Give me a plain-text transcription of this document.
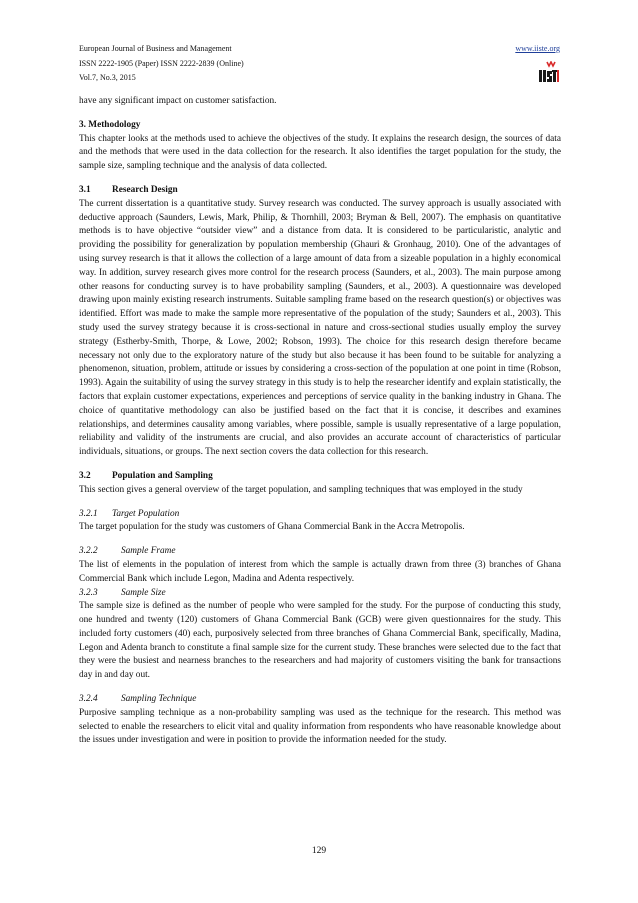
European Journal of Business and Management
ISSN 2222-1905 (Paper) ISSN 2222-2839 (Online)
Vol.7, No.3, 2015
www.iiste.org

have any significant impact on customer satisfaction.

3. Methodology

This chapter looks at the methods used to achieve the objectives of the study. It explains the research design, the sources of data and the methods that were used in the data collection for the research. It also identifies the target population for the study, the sample size, sampling technique and the analysis of data collected.

3.1 Research Design

The current dissertation is a quantitative study. Survey research was conducted. The survey approach is usually associated with deductive approach (Saunders, Lewis, Mark, Philip, & Thornhill, 2003; Bryman & Bell, 2007). The emphasis on quantitative methods is to have objective “outsider view” and a distance from data. It is considered to be particularistic, analytic and providing the possibility for generalization by population membership (Ghauri & Gronhaug, 2010). One of the advantages of using survey research is that it allows the collection of a large amount of data from a sizeable population in a highly economical way. In addition, survey research gives more control for the research process (Saunders, et al., 2003). The main purpose among other reasons for conducting survey is to have probability sampling (Saunders, et al., 2003). A questionnaire was developed drawing upon mainly existing research instruments. Suitable sampling frame based on the research question(s) or objectives was identified. Effort was made to make the sample more representative of the population of the study; Saunders et al., 2003). This study used the survey strategy because it is cross-sectional in nature and cross-sectional studies usually employ the survey strategy (Estherby-Smith, Thorpe, & Lowe, 2002; Robson, 1993). The choice for this research design therefore became necessary not only due to the exploratory nature of the study but also because it has been found to be suitable for analyzing a phenomenon, situation, problem, attitude or issues by considering a cross-section of the population at one point in time (Robson, 1993). Again the suitability of using the survey strategy in this study is to help the researcher identify and explain statistically, the factors that explain customer expectations, experiences and perceptions of service quality in the banking industry in Ghana. The choice of quantitative methodology can also be justified based on the fact that it is concise, it describes and examines relationships, and determines causality among variables, where possible, sample is usually representative of a large population, reliability and validity of the instruments are crucial, and also provides an accurate account of characteristics of particular individuals, situations, or groups. The next section covers the data collection for this research.

3.2 Population and Sampling

This section gives a general overview of the target population, and sampling techniques that was employed in the study

3.2.1 Target Population

The target population for the study was customers of Ghana Commercial Bank in the Accra Metropolis.

3.2.2	Sample Frame

The list of elements in the population of interest from which the sample is actually drawn from three (3) branches of Ghana Commercial Bank which include Legon, Madina and Adenta respectively.

3.2.3	Sample Size

The sample size is defined as the number of people who were sampled for the study. For the purpose of conducting this study, one hundred and twenty (120) customers of Ghana Commercial Bank (GCB) were given questionnaires for the study. This included forty customers (40) each, purposively selected from three branches of Ghana Commercial Bank, specifically, Madina, Legon and Adenta branch to constitute a final sample size for the current study. These branches were selected due to the fact that they were the busiest and nearness branches to the researchers and had majority of customers visiting the bank for transactions day in and day out.

3.2.4	Sampling Technique

Purposive sampling technique as a non-probability sampling was used as the technique for the research. This method was selected to enable the researchers to elicit vital and quality information from respondents who have reasonable knowledge about the issues under investigation and were in position to provide the information needed for the study.

129
